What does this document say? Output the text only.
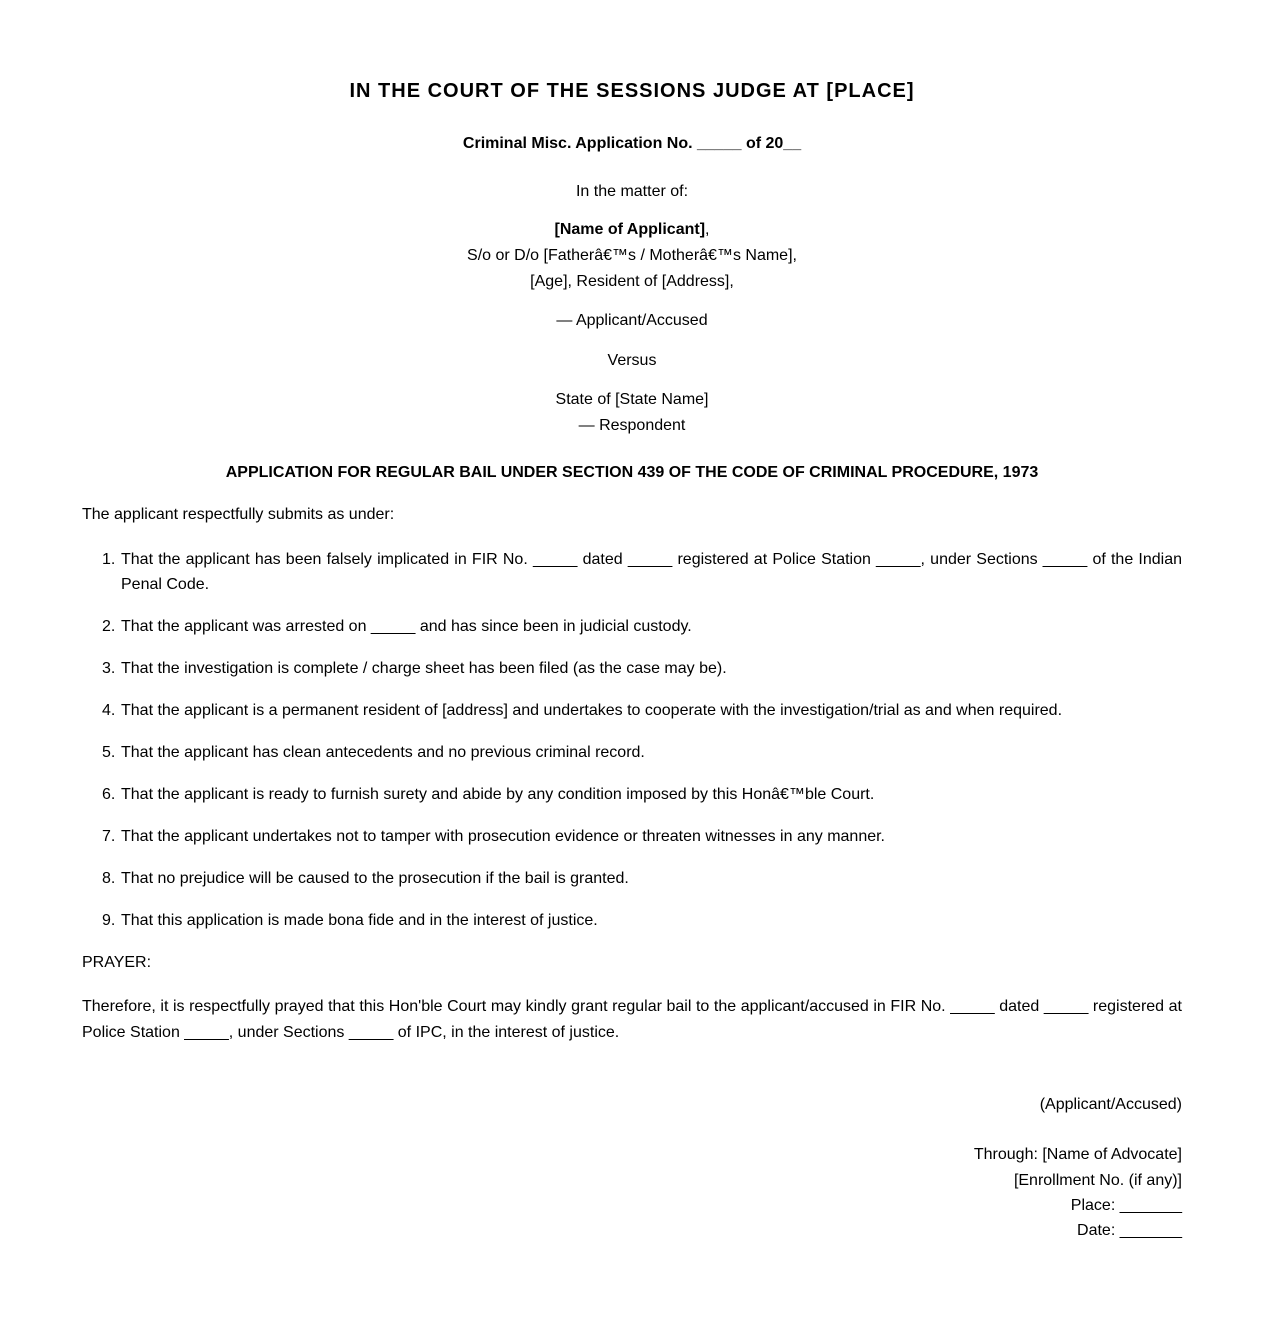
IN THE COURT OF THE SESSIONS JUDGE AT [PLACE]
Criminal Misc. Application No. _____ of 20__
In the matter of:
[Name of Applicant],
S/o or D/o [Fatherâ€™s / Motherâ€™s Name],
[Age], Resident of [Address],
— Applicant/Accused
Versus
State of [State Name]
— Respondent
APPLICATION FOR REGULAR BAIL UNDER SECTION 439 OF THE CODE OF CRIMINAL PROCEDURE, 1973
The applicant respectfully submits as under:
1. That the applicant has been falsely implicated in FIR No. _____ dated _____ registered at Police Station _____, under Sections _____ of the Indian Penal Code.
2. That the applicant was arrested on _____ and has since been in judicial custody.
3. That the investigation is complete / charge sheet has been filed (as the case may be).
4. That the applicant is a permanent resident of [address] and undertakes to cooperate with the investigation/trial as and when required.
5. That the applicant has clean antecedents and no previous criminal record.
6. That the applicant is ready to furnish surety and abide by any condition imposed by this Honâ€™ble Court.
7. That the applicant undertakes not to tamper with prosecution evidence or threaten witnesses in any manner.
8. That no prejudice will be caused to the prosecution if the bail is granted.
9. That this application is made bona fide and in the interest of justice.
PRAYER:
Therefore, it is respectfully prayed that this Hon'ble Court may kindly grant regular bail to the applicant/accused in FIR No. _____ dated _____ registered at Police Station _____, under Sections _____ of IPC, in the interest of justice.
(Applicant/Accused)
Through: [Name of Advocate]
[Enrollment No. (if any)]
Place: _______
Date: _______
